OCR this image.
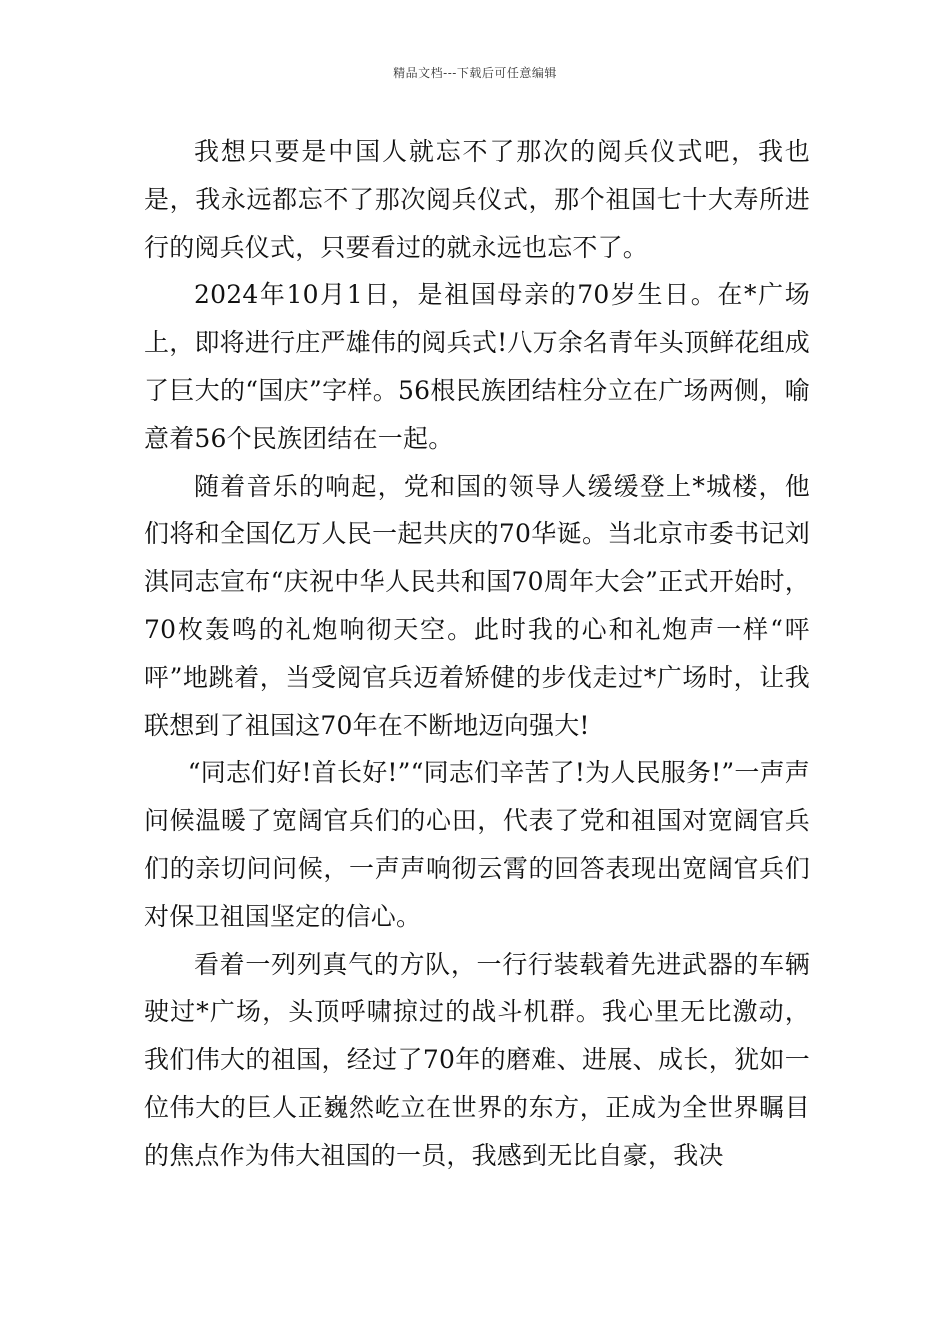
精品文档---下载后可任意编辑

我想只要是中国人就忘不了那次的阅兵仪式吧，我也是，我永远都忘不了那次阅兵仪式，那个祖国七十大寿所进行的阅兵仪式，只要看过的就永远也忘不了。

2024年10月1日，是祖国母亲的70岁生日。在*广场上，即将进行庄严雄伟的阅兵式!八万余名青年头顶鲜花组成了巨大的“国庆”字样。56根民族团结柱分立在广场两侧，喻意着56个民族团结在一起。

随着音乐的响起，党和国的领导人缓缓登上*城楼，他们将和全国亿万人民一起共庆的70华诞。当北京市委书记刘淇同志宣布“庆祝中华人民共和国70周年大会”正式开始时，70枚轰鸣的礼炮响彻天空。此时我的心和礼炮声一样“呯呯”地跳着，当受阅官兵迈着矫健的步伐走过*广场时，让我联想到了祖国这70年在不断地迈向强大!

“同志们好!首长好!”“同志们辛苦了!为人民服务!”一声声问候温暖了宽阔官兵们的心田，代表了党和祖国对宽阔官兵们的亲切问问候，一声声响彻云霄的回答表现出宽阔官兵们对保卫祖国坚定的信心。

看着一列列真气的方队，一行行装载着先进武器的车辆驶过*广场，头顶呼啸掠过的战斗机群。我心里无比激动，我们伟大的祖国，经过了70年的磨难、进展、成长，犹如一位伟大的巨人正巍然屹立在世界的东方，正成为全世界瞩目的焦点作为伟大祖国的一员，我感到无比自豪，我决
